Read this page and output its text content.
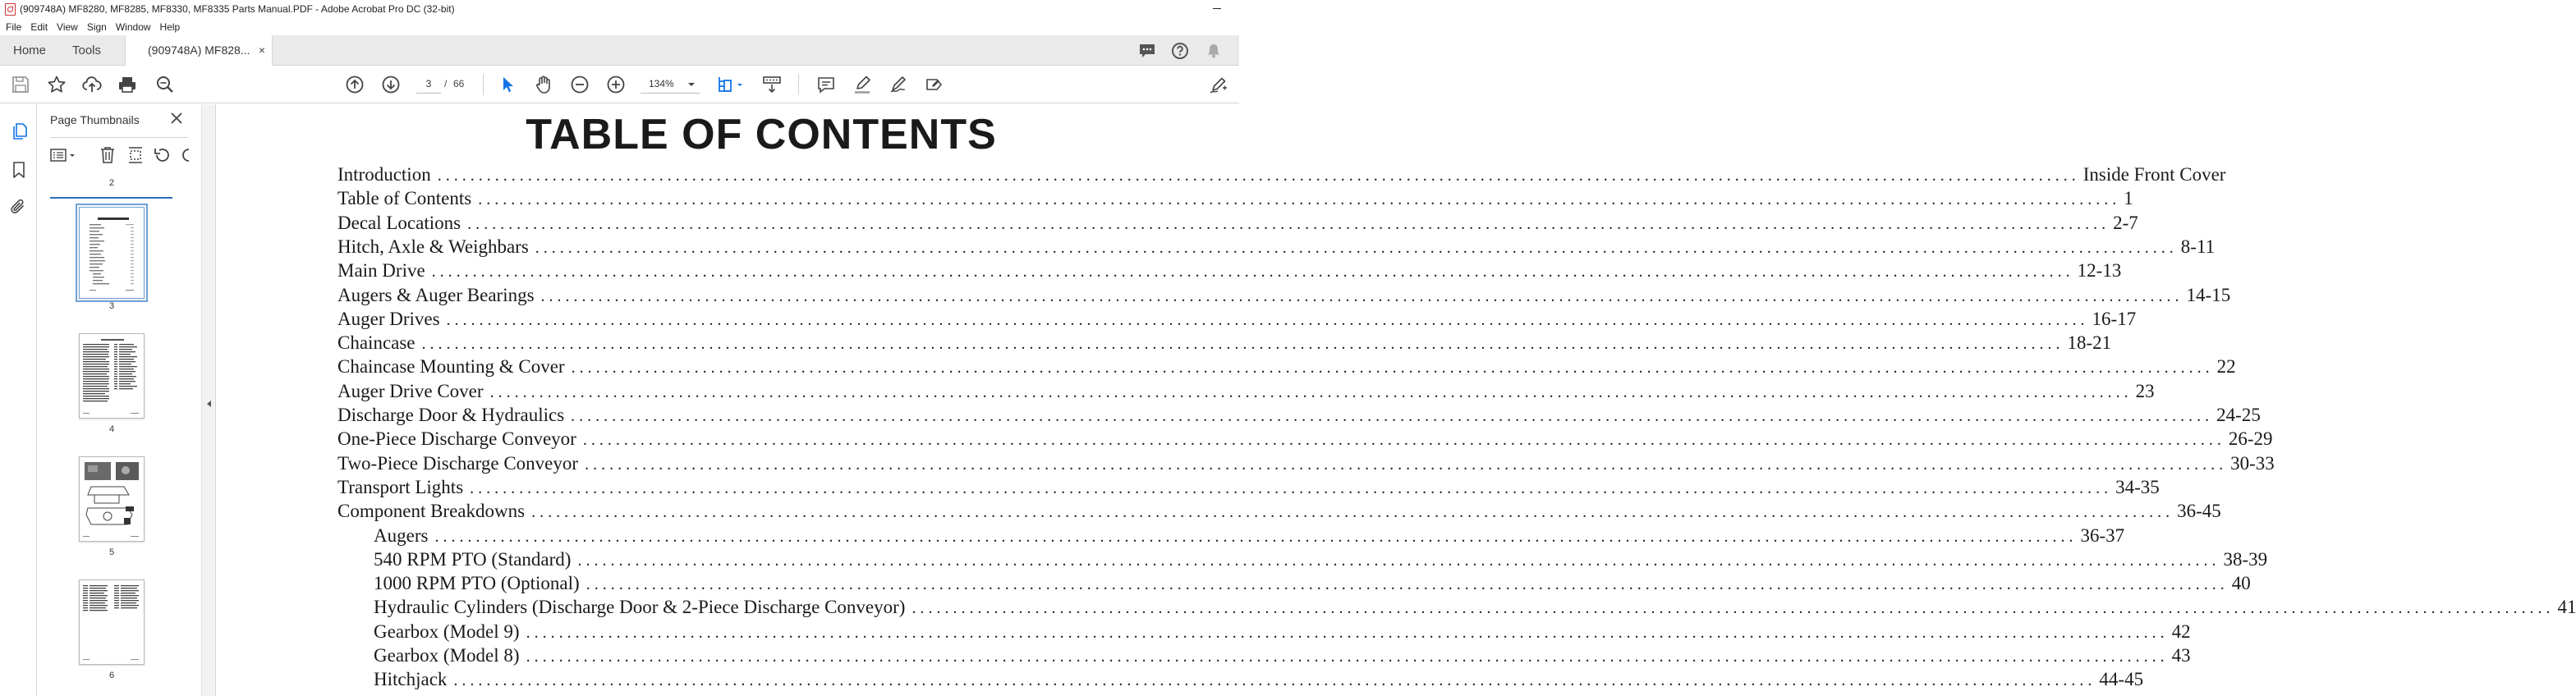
(909748A) MF8280, MF8285, MF8330, MF8335 Parts Manual.PDF - Adobe Acrobat Pro DC (32-bit)
File Edit View Sign Window Help
Home Tools	(909748A) MF828... ×
3	/ 66	134%
Page Thumbnails
2
3
4
5
6
TABLE OF CONTENTS
Introduction ........................................................................................................................................................................................................ Inside Front Cover
Table of Contents ........................................................................................................................................................................................................ 1
Decal Locations ........................................................................................................................................................................................................ 2-7
Hitch, Axle & Weighbars ........................................................................................................................................................................................................ 8-11
Main Drive ........................................................................................................................................................................................................ 12-13
Augers & Auger Bearings ........................................................................................................................................................................................................ 14-15
Auger Drives ........................................................................................................................................................................................................ 16-17
Chaincase ........................................................................................................................................................................................................ 18-21
Chaincase Mounting & Cover ........................................................................................................................................................................................................ 22
Auger Drive Cover ........................................................................................................................................................................................................ 23
Discharge Door & Hydraulics ........................................................................................................................................................................................................ 24-25
One-Piece Discharge Conveyor ........................................................................................................................................................................................................ 26-29
Two-Piece Discharge Conveyor ........................................................................................................................................................................................................ 30-33
Transport Lights ........................................................................................................................................................................................................ 34-35
Component Breakdowns ........................................................................................................................................................................................................ 36-45
Augers ........................................................................................................................................................................................................ 36-37
540 RPM PTO (Standard) ........................................................................................................................................................................................................ 38-39
1000 RPM PTO (Optional) ........................................................................................................................................................................................................ 40
Hydraulic Cylinders (Discharge Door & 2-Piece Discharge Conveyor) ........................................................................................................................................................................................................ 41
Gearbox (Model 9) ........................................................................................................................................................................................................ 42
Gearbox (Model 8) ........................................................................................................................................................................................................ 43
Hitchjack ........................................................................................................................................................................................................ 44-45
